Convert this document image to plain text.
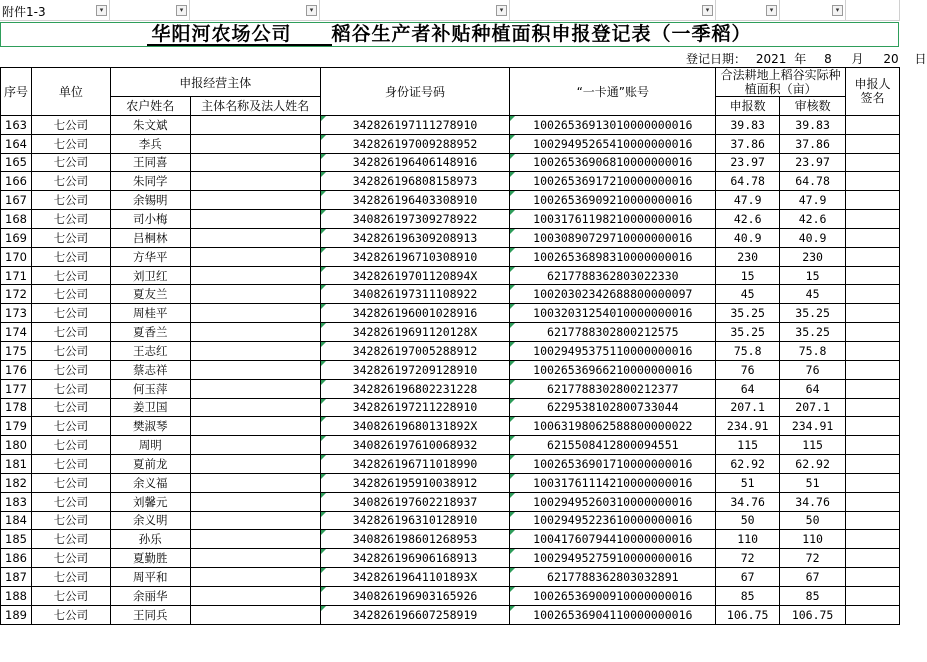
附件1-3	▾	▾	▾	▾	▾	▾	▾
华阳河农场公司 稻谷生产者补贴种植面积申报登记表（一季稻）
登记日期： 2021 年 8 月 20 日
序号	单位	申报经营主体		身份证号码	“一卡通”账号	合法耕地上稻谷实际种植面积（亩）		申报人签名
		农户姓名	主体名称及法人姓名			申报数	审核数	
163	七公司	朱文斌		342826197111278910	10026536913010000000016	39.83	39.83	
164	七公司	李兵		342826197009288952	10029495265410000000016	37.86	37.86	
165	七公司	王同喜		342826196406148916	10026536906810000000016	23.97	23.97	
166	七公司	朱同学		342826196808158973	10026536917210000000016	64.78	64.78	
167	七公司	余锡明		342826196403308910	10026536909210000000016	47.9	47.9	
168	七公司	司小梅		340826197309278922	10031761198210000000016	42.6	42.6	
169	七公司	吕桐林		342826196309208913	10030890729710000000016	40.9	40.9	
170	七公司	方华平		342826196710308910	10026536898310000000016	230	230	
171	七公司	刘卫红		34282619701120894X	6217788362803022330	15	15	
172	七公司	夏友兰		340826197311108922	10020302342688800000097	45	45	
173	七公司	周桂平		342826196001028916	10032031254010000000016	35.25	35.25	
174	七公司	夏香兰		34282619691120128X	6217788302800212575	35.25	35.25	
175	七公司	王志红		342826197005288912	10029495375110000000016	75.8	75.8	
176	七公司	蔡志祥		342826197209128910	10026536966210000000016	76	76	
177	七公司	何玉萍		342826196802231228	6217788302800212377	64	64	
178	七公司	姜卫国		342826197211228910	6229538102800733044	207.1	207.1	
179	七公司	樊淑琴		34082619680131892X	10063198062588800000022	234.91	234.91	
180	七公司	周明		340826197610068932	6215508412800094551	115	115	
181	七公司	夏前龙		342826196711018990	10026536901710000000016	62.92	62.92	
182	七公司	余义福		342826195910038912	10031761114210000000016	51	51	
183	七公司	刘馨元		340826197602218937	10029495260310000000016	34.76	34.76	
184	七公司	余义明		342826196310128910	10029495223610000000016	50	50	
185	七公司	孙乐		340826198601268953	10041760794410000000016	110	110	
186	七公司	夏勤胜		342826196906168913	10029495275910000000016	72	72	
187	七公司	周平和		34282619641101893X	6217788362803032891	67	67	
188	七公司	余丽华		340826196903165926	10026536900910000000016	85	85	
189	七公司	王同兵		342826196607258919	10026536904110000000016	106.75	106.75	
